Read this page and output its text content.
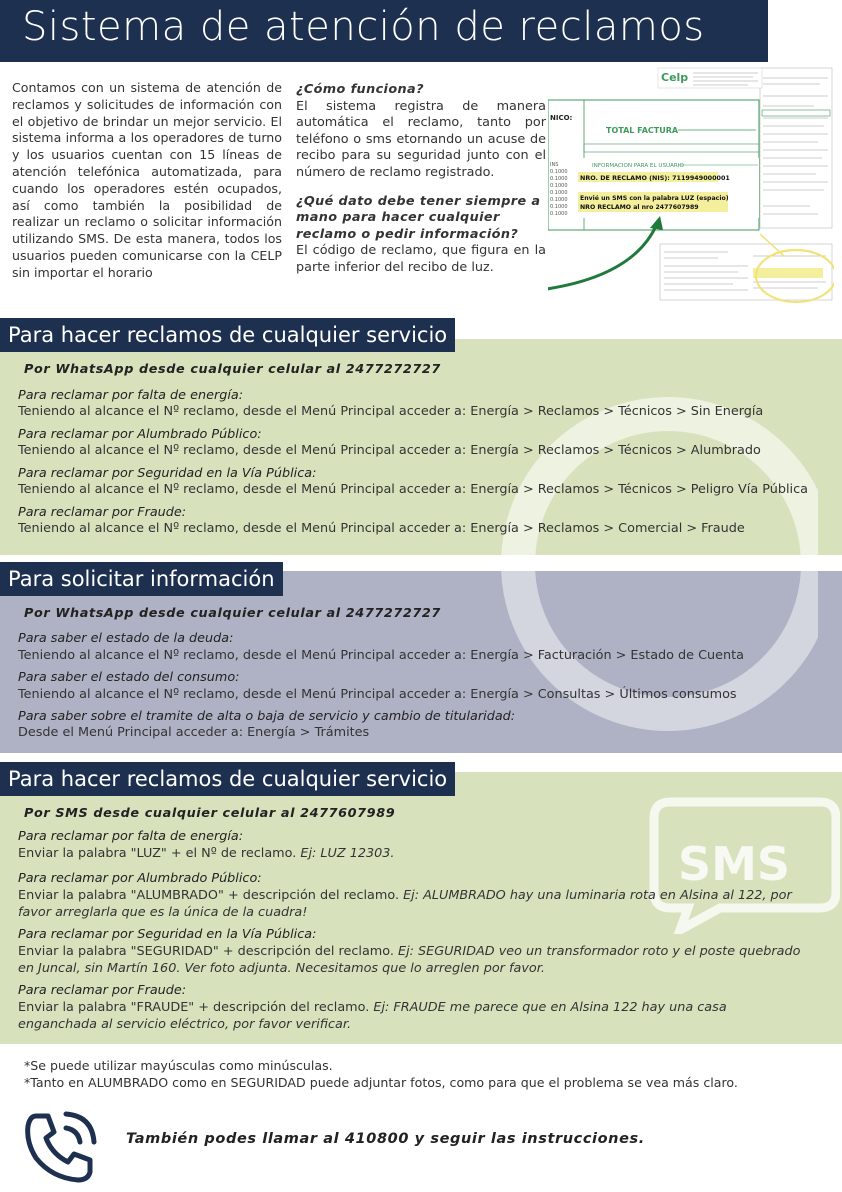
Sistema de atención de reclamos
Contamos con un sistema de atención de reclamos y solicitudes de información con el objetivo de brindar un mejor servicio. El sistema informa a los operadores de turno y los usuarios cuentan con 15 líneas de atención telefónica automatizada, para cuando los operadores estén ocupados, así como también la posibilidad de realizar un reclamo o solicitar información utilizando SMS. De esta manera, todos los usuarios pueden comunicarse con la CELP sin importar el horario
¿Cómo funciona?
El sistema registra de manera automática el reclamo, tanto por teléfono o sms etornando un acuse de recibo para su seguridad junto con el número de reclamo registrado.
¿Qué dato debe tener siempre a mano para hacer cualquier reclamo o pedir información?
El código de reclamo, que figura en la parte inferior del recibo de luz.
Celp
NICO:
TOTAL FACTURA
INS
0.1000
0.1000
0.1000
0.1000
0.1000
0.1000
0.1000
INFORMACION PARA EL USUARIO
NRO. DE RECLAMO (NIS): 7119949000001
Envié un SMS con la palabra LUZ (espacio)
NRO RECLAMO al nro 2477607989
Para hacer reclamos de cualquier servicio
Por WhatsApp desde cualquier celular al 2477272727
Para reclamar por falta de energía:
Teniendo al alcance el Nº reclamo, desde el Menú Principal acceder a: Energía > Reclamos > Técnicos > Sin Energía
Para reclamar por Alumbrado Público:
Teniendo al alcance el Nº reclamo, desde el Menú Principal acceder a: Energía > Reclamos > Técnicos > Alumbrado
Para reclamar por Seguridad en la Vía Pública:
Teniendo al alcance el Nº reclamo, desde el Menú Principal acceder a: Energía > Reclamos > Técnicos > Peligro Vía Pública
Para reclamar por Fraude:
Teniendo al alcance el Nº reclamo, desde el Menú Principal acceder a: Energía > Reclamos > Comercial > Fraude
Para solicitar información
Por WhatsApp desde cualquier celular al 2477272727
Para saber el estado de la deuda:
Teniendo al alcance el Nº reclamo, desde el Menú Principal acceder a: Energía > Facturación > Estado de Cuenta
Para saber el estado del consumo:
Teniendo al alcance el Nº reclamo, desde el Menú Principal acceder a: Energía > Consultas > Últimos consumos
Para saber sobre el tramite de alta o baja de servicio y cambio de titularidad:
Desde el Menú Principal acceder a: Energía > Trámites
SMS
Para hacer reclamos de cualquier servicio
Por SMS desde cualquier celular al 2477607989
Para reclamar por falta de energía:
Enviar la palabra "LUZ" + el Nº de reclamo. Ej: LUZ 12303.
Para reclamar por Alumbrado Público:
Enviar la palabra "ALUMBRADO" + descripción del reclamo. Ej: ALUMBRADO hay una luminaria rota en Alsina al 122, por favor arreglarla que es la única de la cuadra!
Para reclamar por Seguridad en la Vía Pública:
Enviar la palabra "SEGURIDAD" + descripción del reclamo. Ej: SEGURIDAD veo un transformador roto y el poste quebrado en Juncal, sin Martín 160. Ver foto adjunta. Necesitamos que lo arreglen por favor.
Para reclamar por Fraude:
Enviar la palabra "FRAUDE" + descripción del reclamo. Ej: FRAUDE me parece que en Alsina 122 hay una casa enganchada al servicio eléctrico, por favor verificar.
*Se puede utilizar mayúsculas como minúsculas.
*Tanto en ALUMBRADO como en SEGURIDAD puede adjuntar fotos, como para que el problema se vea más claro.
También podes llamar al 410800 y seguir las instrucciones.
